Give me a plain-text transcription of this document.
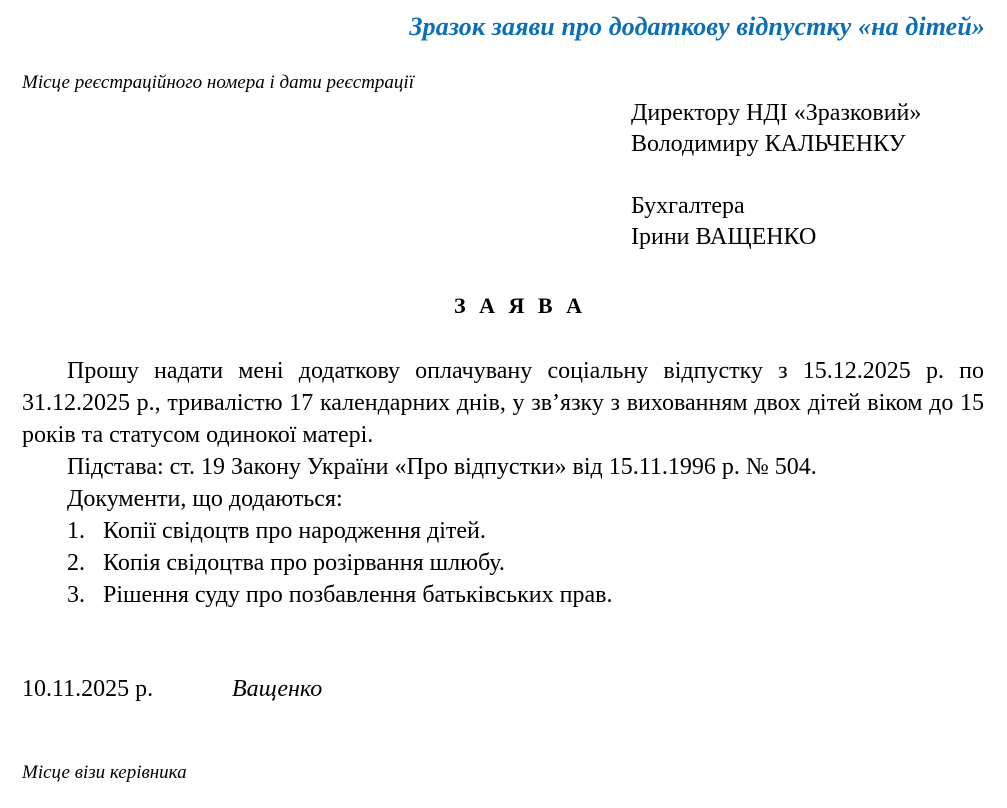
Зразок заяви про додаткову відпустку «на дітей»
Місце реєстраційного номера і дати реєстрації
Директору НДІ «Зразковий»
Володимиру КАЛЬЧЕНКУ
Бухгалтера
Ірини ВАЩЕНКО
З А Я В А

Прошу надати мені додаткову оплачувану соціальну відпустку з 15.12.2025 р. по 31.12.2025 р., тривалістю 17 календарних днів, у зв’язку з вихованням двох дітей віком до 15 років та статусом одинокої матері.

Підстава: ст. 19 Закону України «Про відпустки» від 15.11.1996 р. № 504.

Документи, що додаються:

1. Копії свідоцтв про народження дітей.
2. Копія свідоцтва про розірвання шлюбу.
3. Рішення суду про позбавлення батьківських прав.
10.11.2025 р.	Ващенко
Місце візи керівника
